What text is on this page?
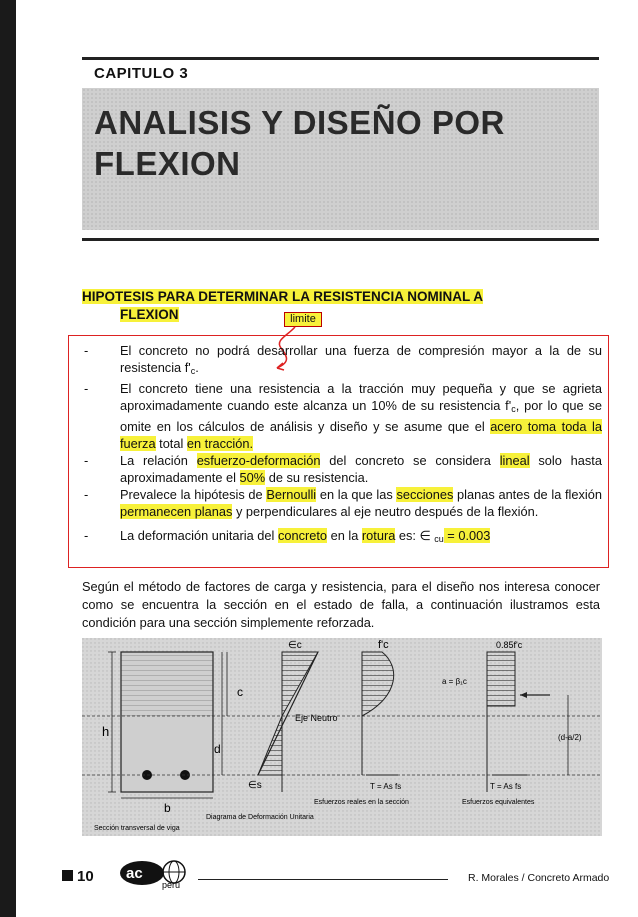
CAPITULO 3
ANALISIS Y DISEÑO POR
FLEXION
HIPOTESIS PARA DETERMINAR LA RESISTENCIA NOMINAL A
FLEXION	limite
- El concreto no podrá desarrollar una fuerza de compresión mayor a la de su resistencia $f'_c$.

- El concreto tiene una resistencia a la tracción muy pequeña y que se agrieta aproximadamente cuando este alcanza un 10% de su resistencia $f'_c$, por lo que se omite en los cálculos de análisis y diseño y se asume que el acero toma toda la fuerza total en tracción.

- La relación esfuerzo-deformación del concreto se considera lineal solo hasta aproximadamente el 50% de su resistencia.

- Prevalece la hipótesis de Bernoulli en la que las secciones planas antes de la flexión permanecen planas y perpendiculares al eje neutro después de la flexión.

- La deformación unitaria del concreto en la rotura es: ∈ $_{cu}$ = 0.003

Según el método de factores de carga y resistencia, para el diseño nos interesa conocer como se encuentra la sección en el estado de falla, a continuación ilustramos esta condición para una sección simplemente reforzada.
h
c
d
b
∈c
∈s
Eje Neutro
f'c
T = As fs
Esfuerzos reales en la sección
0.85f'c
a = β₁c
(d-a/2)
T = As fs
Esfuerzos equivalentes
Diagrama de Deformación Unitaria
Sección transversal de viga
10 ac
perú
R. Morales / Concreto Armado
